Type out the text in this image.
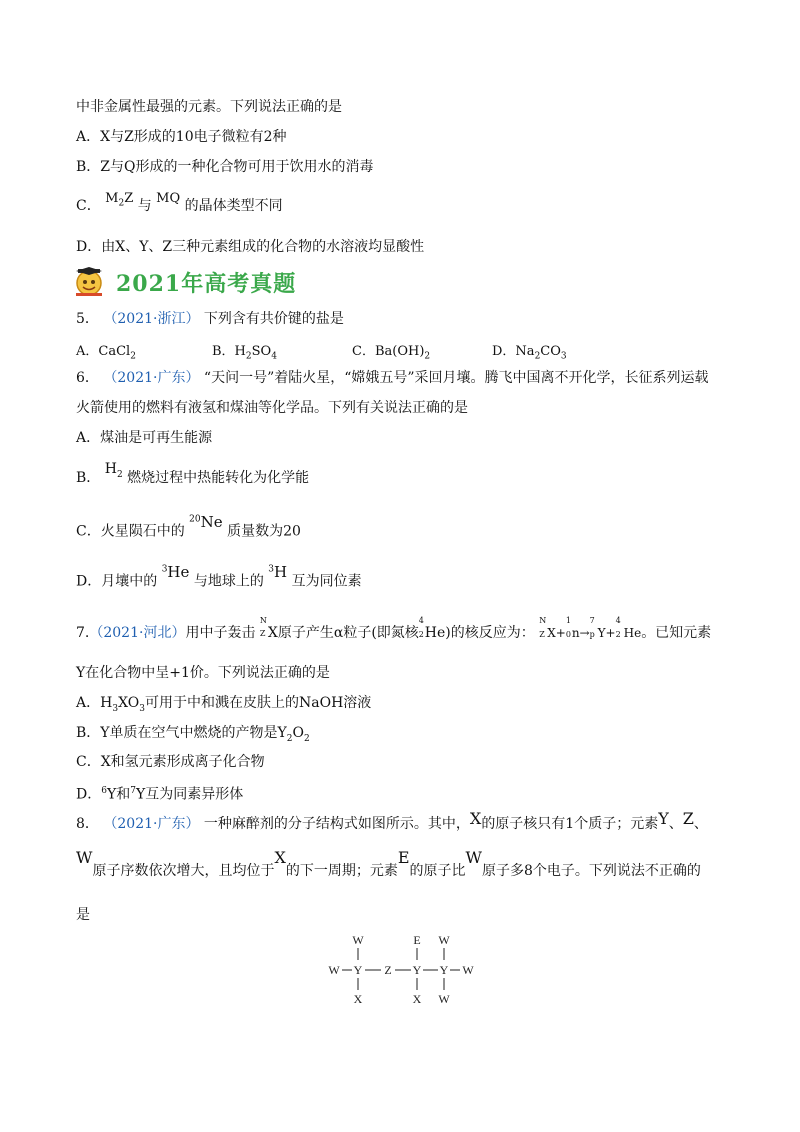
中非金属性最强的元素。下列说法正确的是
A．X与Z形成的10电子微粒有2种
B．Z与Q形成的一种化合物可用于饮用水的消毒
C． $M_2Z$ 与 MQ 的晶体类型不同
D．由X、Y、Z三种元素组成的化合物的水溶液均显酸性
2021年高考真题
5． （2021·浙江） 下列含有共价键的盐是
A．CaCl$_2$	B．$H_2SO_4$	C．$Ba(OH)_2$	D．$Na_2CO_3$
6． （2021·广东） “天问一号”着陆火星，“嫦娥五号”采回月壤。腾飞中国离不开化学，长征系列运载
火箭使用的燃料有液氢和煤油等化学品。下列有关说法正确的是
A．煤油是可再生能源
B． $H_2$ 燃烧过程中热能转化为化学能
C．火星陨石中的 $^{20}$Ne 质量数为20
D．月壤中的 $^3$He 与地球上的 $^3$H 互为同位素
7.（2021·河北）用中子轰击
N
Z X原子产生α粒子(即氮核
4
2 He)的核反应为：
N
Z X+
1
0 n→
7
p Y+
4
2 He。已知元素
Y在化合物中呈+1价。下列说法正确的是
A．$H_3XO_3$可用于中和溅在皮肤上的NaOH溶液
B．Y单质在空气中燃烧的产物是$Y_2O_2$
C．X和氢元素形成离子化合物
D．$^6$Y和$^7$Y互为同素异形体
8． （2021·广东） 一种麻醉剂的分子结构式如图所示。其中，X的原子核只有1个质子；元素Y、Z、
W原子序数依次增大，且均位于X的下一周期；元素E的原子比W原子多8个电子。下列说法不正确的
是
W	E W
W Y Z Y Y W
X	X W
